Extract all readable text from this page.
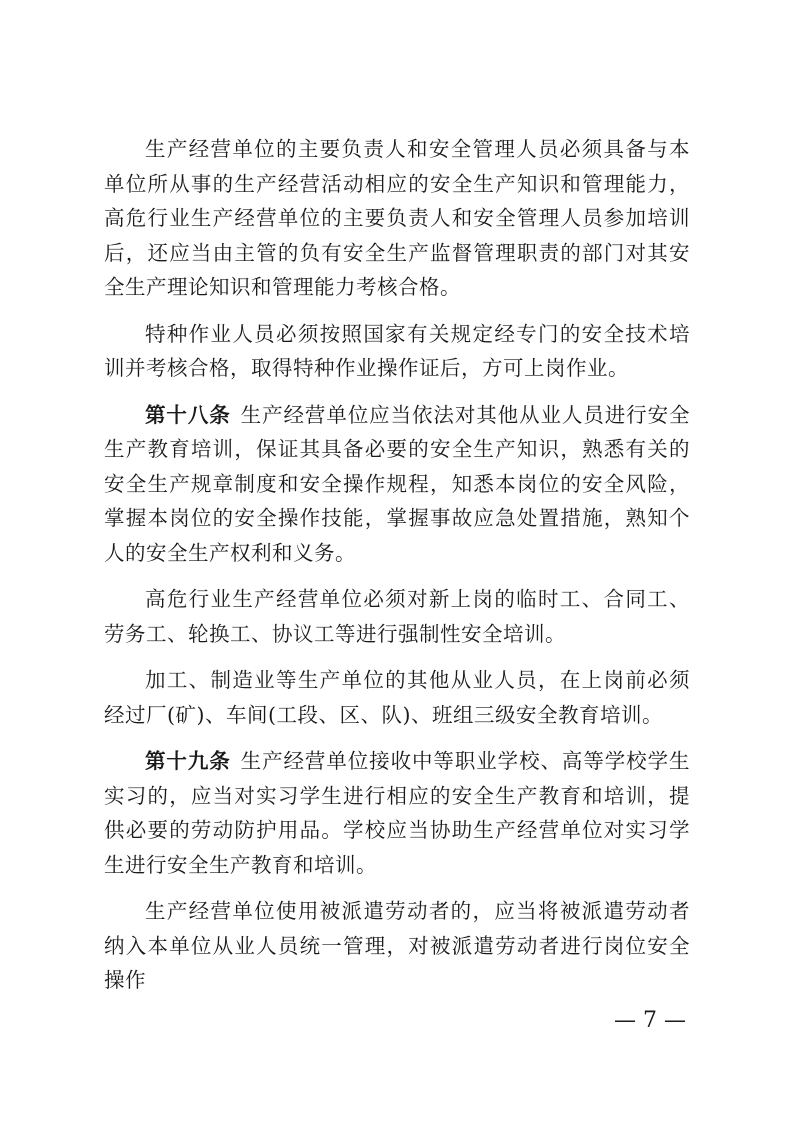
生产经营单位的主要负责人和安全管理人员必须具备与本单位所从事的生产经营活动相应的安全生产知识和管理能力，高危行业生产经营单位的主要负责人和安全管理人员参加培训后，还应当由主管的负有安全生产监督管理职责的部门对其安全生产理论知识和管理能力考核合格。

特种作业人员必须按照国家有关规定经专门的安全技术培训并考核合格，取得特种作业操作证后，方可上岗作业。

第十八条 生产经营单位应当依法对其他从业人员进行安全生产教育培训，保证其具备必要的安全生产知识，熟悉有关的安全生产规章制度和安全操作规程，知悉本岗位的安全风险，掌握本岗位的安全操作技能，掌握事故应急处置措施，熟知个人的安全生产权利和义务。

高危行业生产经营单位必须对新上岗的临时工、合同工、劳务工、轮换工、协议工等进行强制性安全培训。

加工、制造业等生产单位的其他从业人员，在上岗前必须经过厂(矿)、车间(工段、区、队)、班组三级安全教育培训。

第十九条 生产经营单位接收中等职业学校、高等学校学生实习的，应当对实习学生进行相应的安全生产教育和培训，提供必要的劳动防护用品。学校应当协助生产经营单位对实习学生进行安全生产教育和培训。

生产经营单位使用被派遣劳动者的，应当将被派遣劳动者纳入本单位从业人员统一管理，对被派遣劳动者进行岗位安全操作

— 7 —
